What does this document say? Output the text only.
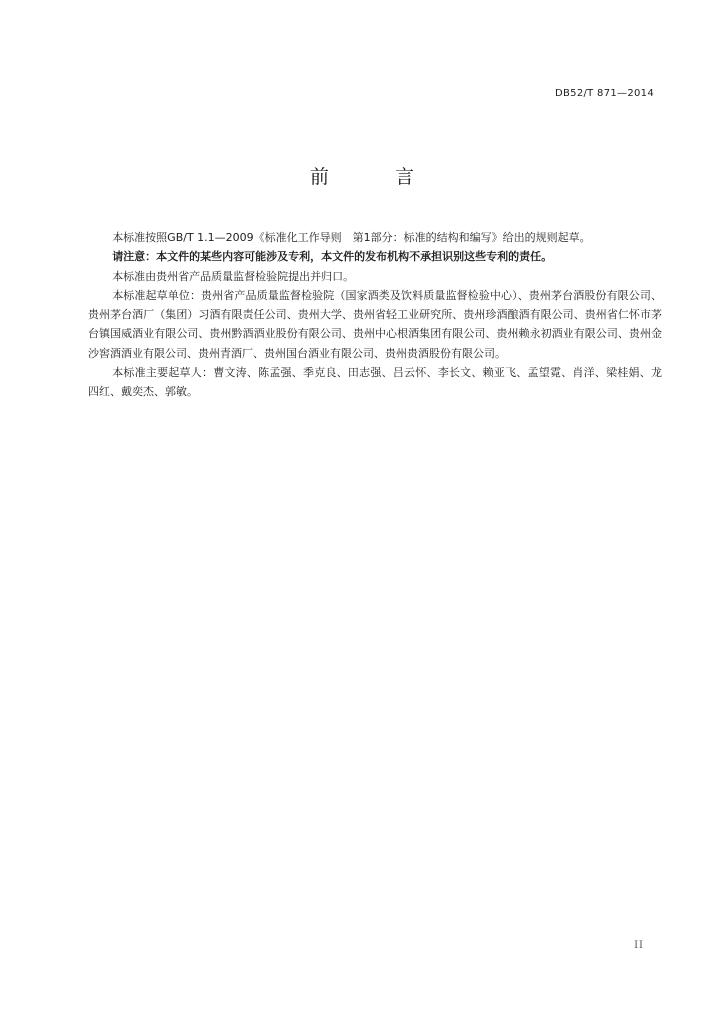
DB52/T 871—2014
前 言

本标准按照GB/T 1.1—2009《标准化工作导则　第1部分：标准的结构和编写》给出的规则起草。

请注意：本文件的某些内容可能涉及专利，本文件的发布机构不承担识别这些专利的责任。

本标准由贵州省产品质量监督检验院提出并归口。

本标准起草单位：贵州省产品质量监督检验院（国家酒类及饮料质量监督检验中心）、贵州茅台酒股份有限公司、贵州茅台酒厂（集团）习酒有限责任公司、贵州大学、贵州省轻工业研究所、贵州珍酒酿酒有限公司、贵州省仁怀市茅台镇国威酒业有限公司、贵州黔酒酒业股份有限公司、贵州中心根酒集团有限公司、贵州赖永初酒业有限公司、贵州金沙窖酒酒业有限公司、贵州青酒厂、贵州国台酒业有限公司、贵州贵酒股份有限公司。

本标准主要起草人：曹文涛、陈孟强、季克良、田志强、吕云怀、李长文、赖亚飞、孟望霓、肖洋、梁桂娟、龙四红、戴奕杰、郭敏。

II
